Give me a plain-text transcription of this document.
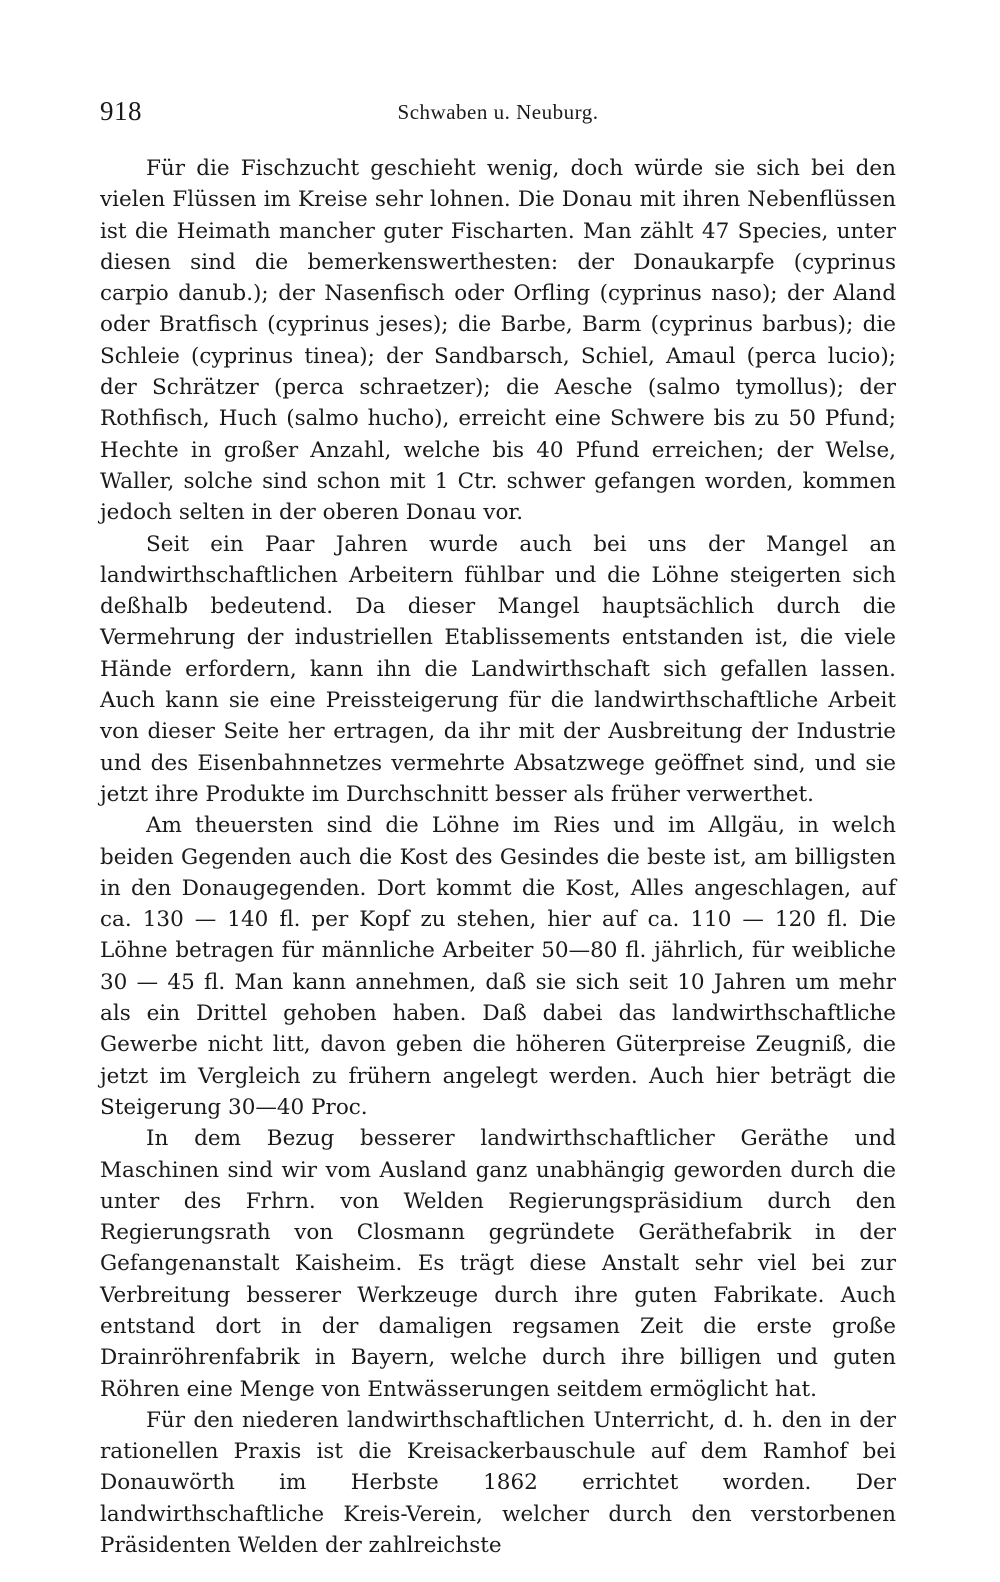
918	Schwaben u. Neuburg.

Für die Fischzucht geschieht wenig, doch würde sie sich bei den vielen Flüssen im Kreise sehr lohnen. Die Donau mit ihren Nebenflüssen ist die Heimath mancher guter Fischarten. Man zählt 47 Species, unter diesen sind die bemerkenswerthesten: der Donaukarpfe (cyprinus carpio danub.); der Nasenfisch oder Orfling (cyprinus naso); der Aland oder Bratfisch (cyprinus jeses); die Barbe, Barm (cyprinus barbus); die Schleie (cyprinus tinea); der Sandbarsch, Schiel, Amaul (perca lucio); der Schrätzer (perca schraetzer); die Aesche (salmo tymollus); der Rothfisch, Huch (salmo hucho), erreicht eine Schwere bis zu 50 Pfund; Hechte in großer Anzahl, welche bis 40 Pfund erreichen; der Welse, Waller, solche sind schon mit 1 Ctr. schwer gefangen worden, kommen jedoch selten in der oberen Donau vor.

Seit ein Paar Jahren wurde auch bei uns der Mangel an landwirthschaftlichen Arbeitern fühlbar und die Löhne steigerten sich deßhalb bedeutend. Da dieser Mangel hauptsächlich durch die Vermehrung der industriellen Etablissements entstanden ist, die viele Hände erfordern, kann ihn die Landwirthschaft sich gefallen lassen. Auch kann sie eine Preissteigerung für die landwirthschaftliche Arbeit von dieser Seite her ertragen, da ihr mit der Ausbreitung der Industrie und des Eisenbahnnetzes vermehrte Absatzwege geöffnet sind, und sie jetzt ihre Produkte im Durchschnitt besser als früher verwerthet.

Am theuersten sind die Löhne im Ries und im Allgäu, in welch beiden Gegenden auch die Kost des Gesindes die beste ist, am billigsten in den Donaugegenden. Dort kommt die Kost, Alles angeschlagen, auf ca. 130 — 140 fl. per Kopf zu stehen, hier auf ca. 110 — 120 fl. Die Löhne betragen für männliche Arbeiter 50—80 fl. jährlich, für weibliche 30 — 45 fl. Man kann annehmen, daß sie sich seit 10 Jahren um mehr als ein Drittel gehoben haben. Daß dabei das landwirthschaftliche Gewerbe nicht litt, davon geben die höheren Güterpreise Zeugniß, die jetzt im Vergleich zu frühern angelegt werden. Auch hier beträgt die Steigerung 30—40 Proc.

In dem Bezug besserer landwirthschaftlicher Geräthe und Maschinen sind wir vom Ausland ganz unabhängig geworden durch die unter des Frhrn. von Welden Regierungspräsidium durch den Regierungsrath von Closmann gegründete Geräthefabrik in der Gefangenanstalt Kaisheim. Es trägt diese Anstalt sehr viel bei zur Verbreitung besserer Werkzeuge durch ihre guten Fabrikate. Auch entstand dort in der damaligen regsamen Zeit die erste große Drainröhrenfabrik in Bayern, welche durch ihre billigen und guten Röhren eine Menge von Entwässerungen seitdem ermöglicht hat.

Für den niederen landwirthschaftlichen Unterricht, d. h. den in der rationellen Praxis ist die Kreisackerbauschule auf dem Ramhof bei Donauwörth im Herbste 1862 errichtet worden. Der landwirthschaftliche Kreis-Verein, welcher durch den verstorbenen Präsidenten Welden der zahlreichste
